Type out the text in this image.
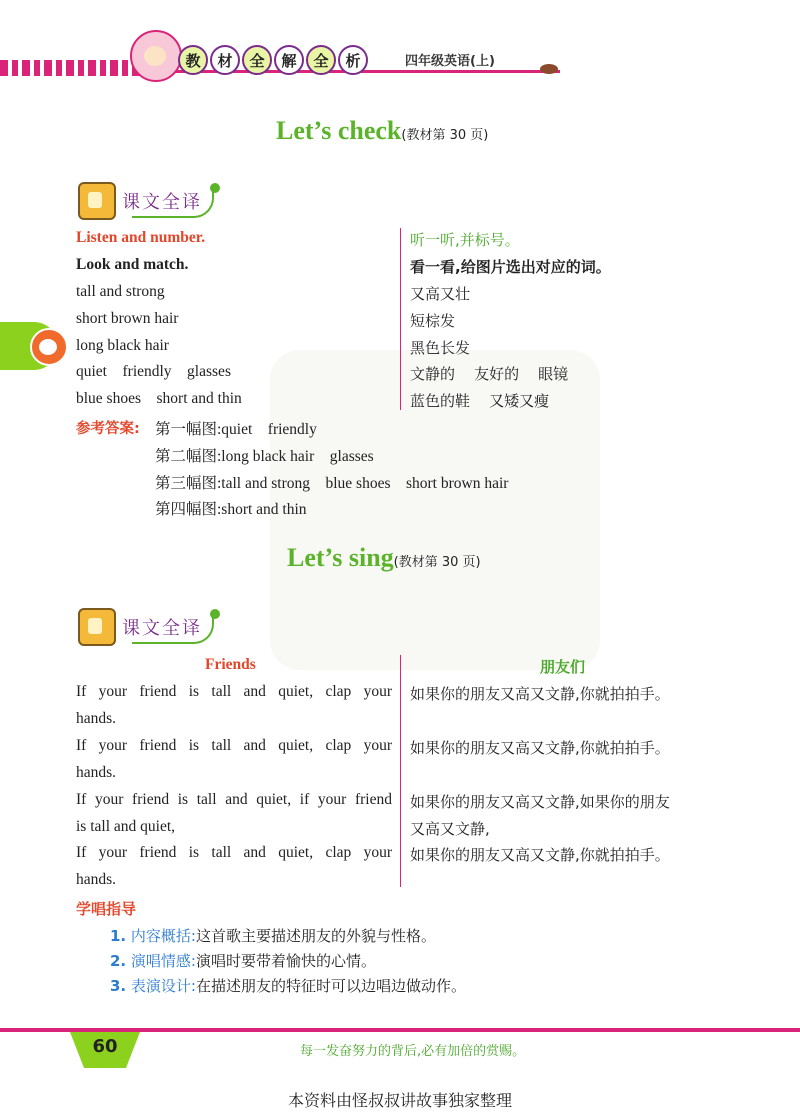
教	材	全	解	全	析	四年级英语(上)
Let’s check(教材第 30 页)
课文全译
Listen and number.	听一听,并标号。
Look and match.	看一看,给图片选出对应的词。
tall and strong	又高又壮
short brown hair	短棕发
long black hair	黑色长发
quiet    friendly    glasses	文静的    友好的    眼镜
blue shoes    short and thin	蓝色的鞋    又矮又瘦
参考答案: 第一幅图:quiet    friendly
第二幅图:long black hair    glasses
第三幅图:tall and strong    blue shoes    short brown hair
第四幅图:short and thin
Let’s sing(教材第 30 页)
课文全译
Friends	朋友们
If your friend is tall and quiet, clap your
hands.
如果你的朋友又高又文静,你就拍拍手。
If your friend is tall and quiet, clap your
hands.
如果你的朋友又高又文静,你就拍拍手。
If your friend is tall and quiet, if your friend
is tall and quiet,
如果你的朋友又高又文静,如果你的朋友
又高又文静,
If your friend is tall and quiet, clap your
hands.
如果你的朋友又高又文静,你就拍拍手。
学唱指导
1. 内容概括:这首歌主要描述朋友的外貌与性格。
2. 演唱情感:演唱时要带着愉快的心情。
3. 表演设计:在描述朋友的特征时可以边唱边做动作。
60	每一发奋努力的背后,必有加倍的赏赐。
本资料由怪叔叔讲故事独家整理
